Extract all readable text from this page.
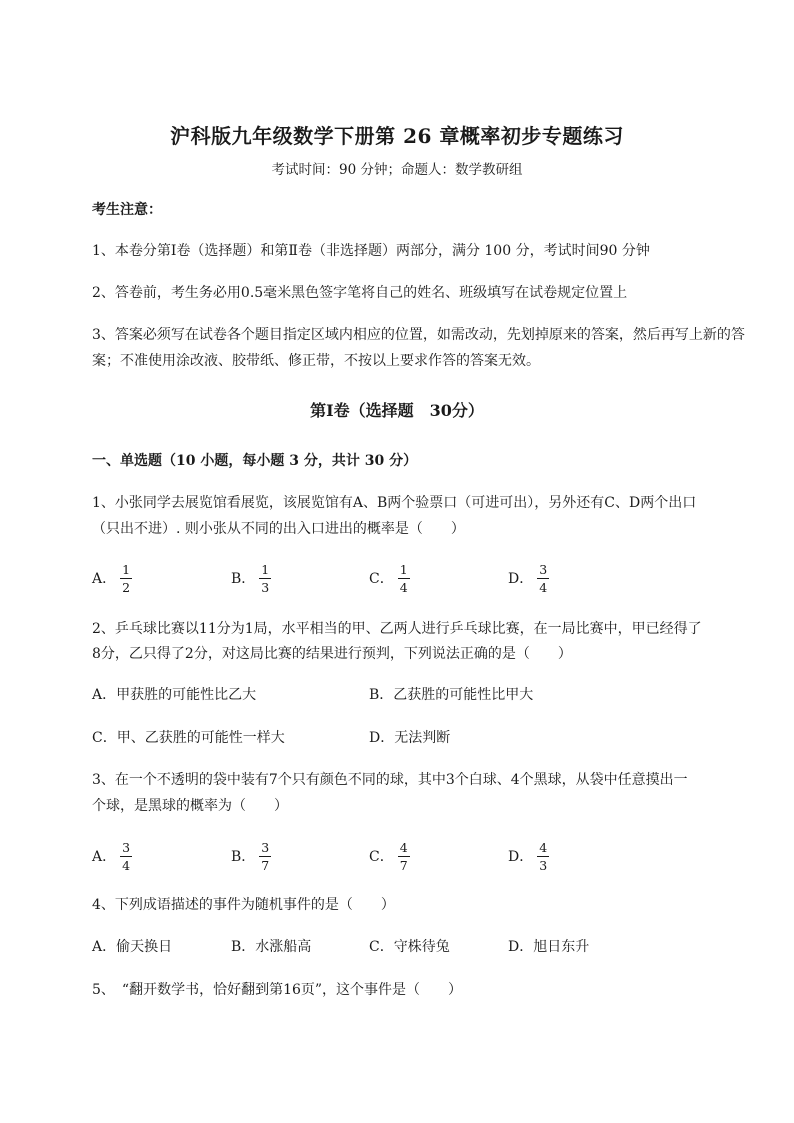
沪科版九年级数学下册第 26 章概率初步专题练习
考试时间：90 分钟；命题人：数学教研组
考生注意：
1、本卷分第Ⅰ卷（选择题）和第Ⅱ卷（非选择题）两部分，满分 100 分，考试时间90 分钟
2、答卷前，考生务必用0.5毫米黑色签字笔将自己的姓名、班级填写在试卷规定位置上
3、答案必须写在试卷各个题目指定区域内相应的位置，如需改动，先划掉原来的答案，然后再写上新的答案；不准使用涂改液、胶带纸、修正带，不按以上要求作答的答案无效。
第Ⅰ卷（选择题　30分）
一、单选题（10 小题，每小题 3 分，共计 30 分）
1、小张同学去展览馆看展览，该展览馆有A、B两个验票口（可进可出），另外还有C、D两个出口
（只出不进）. 则小张从不同的出入口进出的概率是（　　）
A． $\frac{1}{2}$	B． $\frac{1}{3}$	C． $\frac{1}{4}$	D． $\frac{3}{4}$
2、乒乓球比赛以11分为1局，水平相当的甲、乙两人进行乒乓球比赛，在一局比赛中，甲已经得了
8分，乙只得了2分，对这局比赛的结果进行预判，下列说法正确的是（　　）
A．甲获胜的可能性比乙大	B．乙获胜的可能性比甲大
C．甲、乙获胜的可能性一样大	D．无法判断
3、在一个不透明的袋中装有7个只有颜色不同的球，其中3个白球、4个黑球，从袋中任意摸出一
个球，是黑球的概率为（　　）
A． $\frac{3}{4}$	B． $\frac{3}{7}$	C． $\frac{4}{7}$	D． $\frac{4}{3}$
4、下列成语描述的事件为随机事件的是（　　）
A．偷天换日	B．水涨船高	C．守株待兔	D．旭日东升
5、　“翻开数学书，恰好翻到第16页”，这个事件是（　　）
